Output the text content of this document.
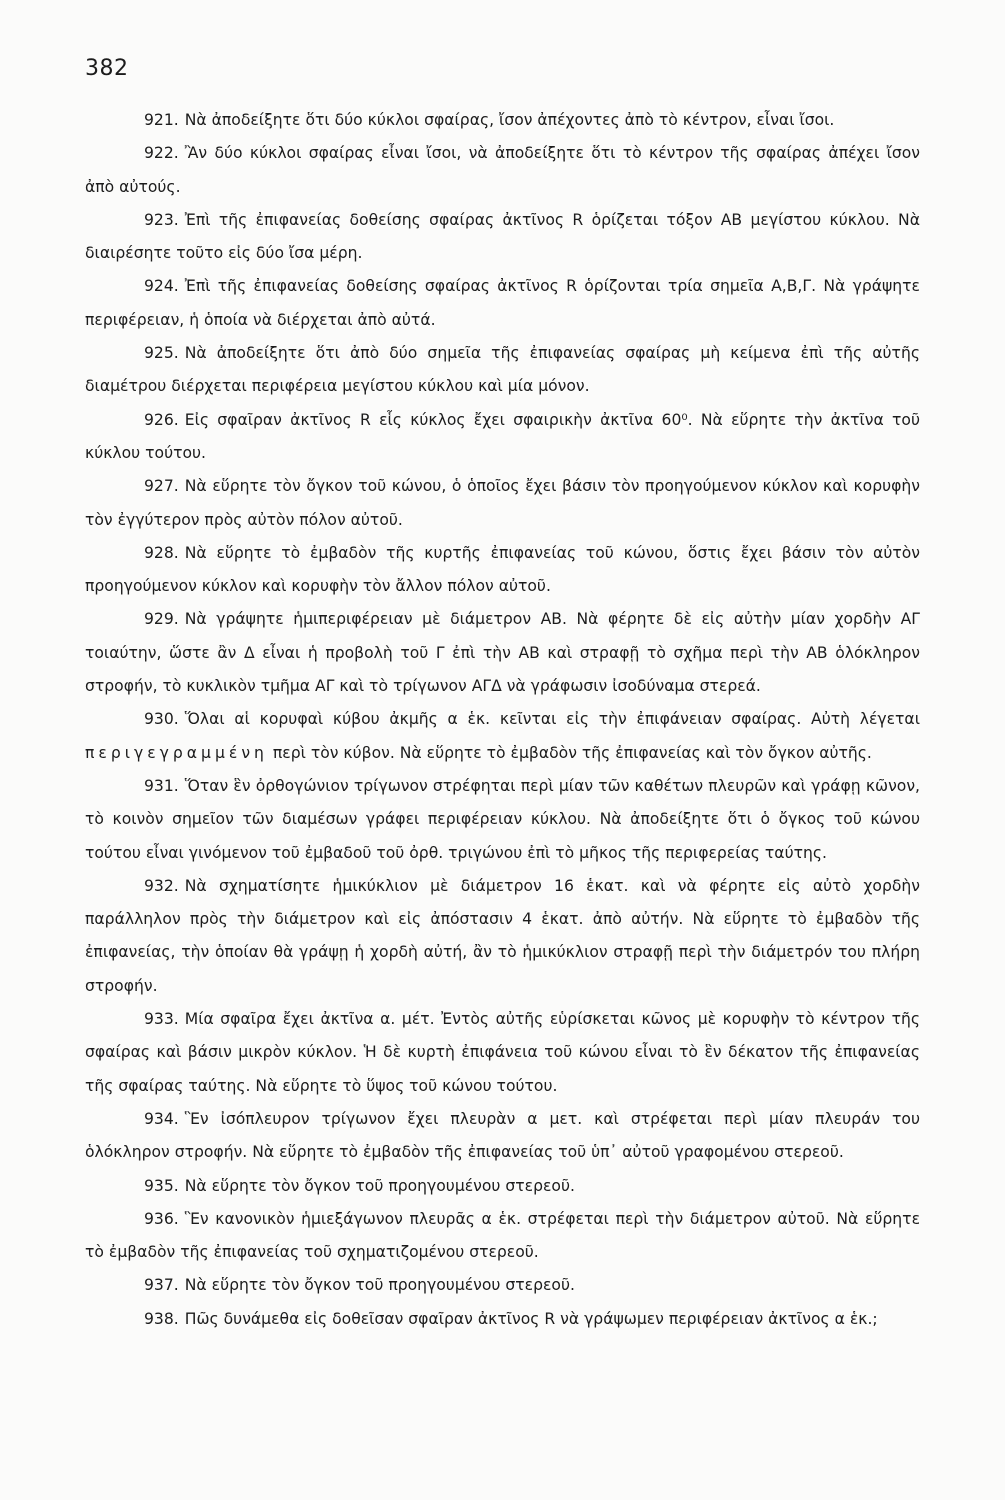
382

921. Νὰ ἀποδείξητε ὅτι δύο κύκλοι σφαίρας, ἴσον ἀπέχοντες ἀπὸ τὸ κέντρον, εἶναι ἴσοι.

922. Ἂν δύο κύκλοι σφαίρας εἶναι ἴσοι, νὰ ἀποδείξητε ὅτι τὸ κέντρον τῆς σφαίρας ἀπέχει ἴσον ἀπὸ αὐτούς.

923. Ἐπὶ τῆς ἐπιφανείας δοθείσης σφαίρας ἀκτῖνος R ὁρίζεται τόξον ΑΒ μεγίστου κύκλου. Νὰ διαιρέσητε τοῦτο εἰς δύο ἴσα μέρη.

924. Ἐπὶ τῆς ἐπιφανείας δοθείσης σφαίρας ἀκτῖνος R ὁρίζονται τρία σημεῖα Α,Β,Γ. Νὰ γράψητε περιφέρειαν, ἡ ὁποία νὰ διέρχεται ἀπὸ αὐτά.

925. Νὰ ἀποδείξητε ὅτι ἀπὸ δύο σημεῖα τῆς ἐπιφανείας σφαίρας μὴ κείμενα ἐπὶ τῆς αὐτῆς διαμέτρου διέρχεται περιφέρεια μεγίστου κύκλου καὶ μία μόνον.

926. Εἰς σφαῖραν ἀκτῖνος R εἷς κύκλος ἔχει σφαιρικὴν ἀκτῖνα 60⁰. Νὰ εὕρητε τὴν ἀκτῖνα τοῦ κύκλου τούτου.

927. Νὰ εὕρητε τὸν ὄγκον τοῦ κώνου, ὁ ὁποῖος ἔχει βάσιν τὸν προηγούμενον κύκλον καὶ κορυφὴν τὸν ἐγγύτερον πρὸς αὐτὸν πόλον αὐτοῦ.

928. Νὰ εὕρητε τὸ ἐμβαδὸν τῆς κυρτῆς ἐπιφανείας τοῦ κώνου, ὅστις ἔχει βάσιν τὸν αὐτὸν προηγούμενον κύκλον καὶ κορυφὴν τὸν ἄλλον πόλον αὐτοῦ.

929. Νὰ γράψητε ἡμιπεριφέρειαν μὲ διάμετρον ΑΒ. Νὰ φέρητε δὲ εἰς αὐτὴν μίαν χορδὴν ΑΓ τοιαύτην, ὥστε ἂν Δ εἶναι ἡ προβολὴ τοῦ Γ ἐπὶ τὴν ΑΒ καὶ στραφῇ τὸ σχῆμα περὶ τὴν ΑΒ ὁλόκληρον στροφήν, τὸ κυκλικὸν τμῆμα ΑΓ καὶ τὸ τρίγωνον ΑΓΔ νὰ γράφωσιν ἰσοδύναμα στερεά.

930. Ὅλαι αἱ κορυφαὶ κύβου ἀκμῆς α ἑκ. κεῖνται εἰς τὴν ἐπιφάνειαν σφαίρας. Αὐτὴ λέγεται περιγεγραμμένη περὶ τὸν κύβον. Νὰ εὕρητε τὸ ἐμβαδὸν τῆς ἐπιφανείας καὶ τὸν ὄγκον αὐτῆς.

931. Ὅταν ἓν ὀρθογώνιον τρίγωνον στρέφηται περὶ μίαν τῶν καθέτων πλευρῶν καὶ γράφῃ κῶνον, τὸ κοινὸν σημεῖον τῶν διαμέσων γράφει περιφέρειαν κύκλου. Νὰ ἀποδείξητε ὅτι ὁ ὄγκος τοῦ κώνου τούτου εἶναι γινόμενον τοῦ ἐμβαδοῦ τοῦ ὀρθ. τριγώνου ἐπὶ τὸ μῆκος τῆς περιφερείας ταύτης.

932. Νὰ σχηματίσητε ἡμικύκλιον μὲ διάμετρον 16 ἑκατ. καὶ νὰ φέρητε εἰς αὐτὸ χορδὴν παράλληλον πρὸς τὴν διάμετρον καὶ εἰς ἀπόστασιν 4 ἑκατ. ἀπὸ αὐτήν. Νὰ εὕρητε τὸ ἐμβαδὸν τῆς ἐπιφανείας, τὴν ὁποίαν θὰ γράψῃ ἡ χορδὴ αὐτή, ἂν τὸ ἡμικύκλιον στραφῇ περὶ τὴν διάμετρόν του πλήρη στροφήν.

933. Μία σφαῖρα ἔχει ἀκτῖνα α. μέτ. Ἐντὸς αὐτῆς εὑρίσκεται κῶνος μὲ κορυφὴν τὸ κέντρον τῆς σφαίρας καὶ βάσιν μικρὸν κύκλον. Ἡ δὲ κυρτὴ ἐπιφάνεια τοῦ κώνου εἶναι τὸ ἓν δέκατον τῆς ἐπιφανείας τῆς σφαίρας ταύτης. Νὰ εὕρητε τὸ ὕψος τοῦ κώνου τούτου.

934. Ἓν ἰσόπλευρον τρίγωνον ἔχει πλευρὰν α μετ. καὶ στρέφεται περὶ μίαν πλευράν του ὁλόκληρον στροφήν. Νὰ εὕρητε τὸ ἐμβαδὸν τῆς ἐπιφανείας τοῦ ὑπ᾽ αὐτοῦ γραφομένου στερεοῦ.

935. Νὰ εὕρητε τὸν ὄγκον τοῦ προηγουμένου στερεοῦ.

936. Ἓν κανονικὸν ἡμιεξάγωνον πλευρᾶς α ἑκ. στρέφεται περὶ τὴν διάμετρον αὐτοῦ. Νὰ εὕρητε τὸ ἐμβαδὸν τῆς ἐπιφανείας τοῦ σχηματιζομένου στερεοῦ.

937. Νὰ εὕρητε τὸν ὄγκον τοῦ προηγουμένου στερεοῦ.

938. Πῶς δυνάμεθα εἰς δοθεῖσαν σφαῖραν ἀκτῖνος R νὰ γράψωμεν περιφέρειαν ἀκτῖνος α ἑκ.;
